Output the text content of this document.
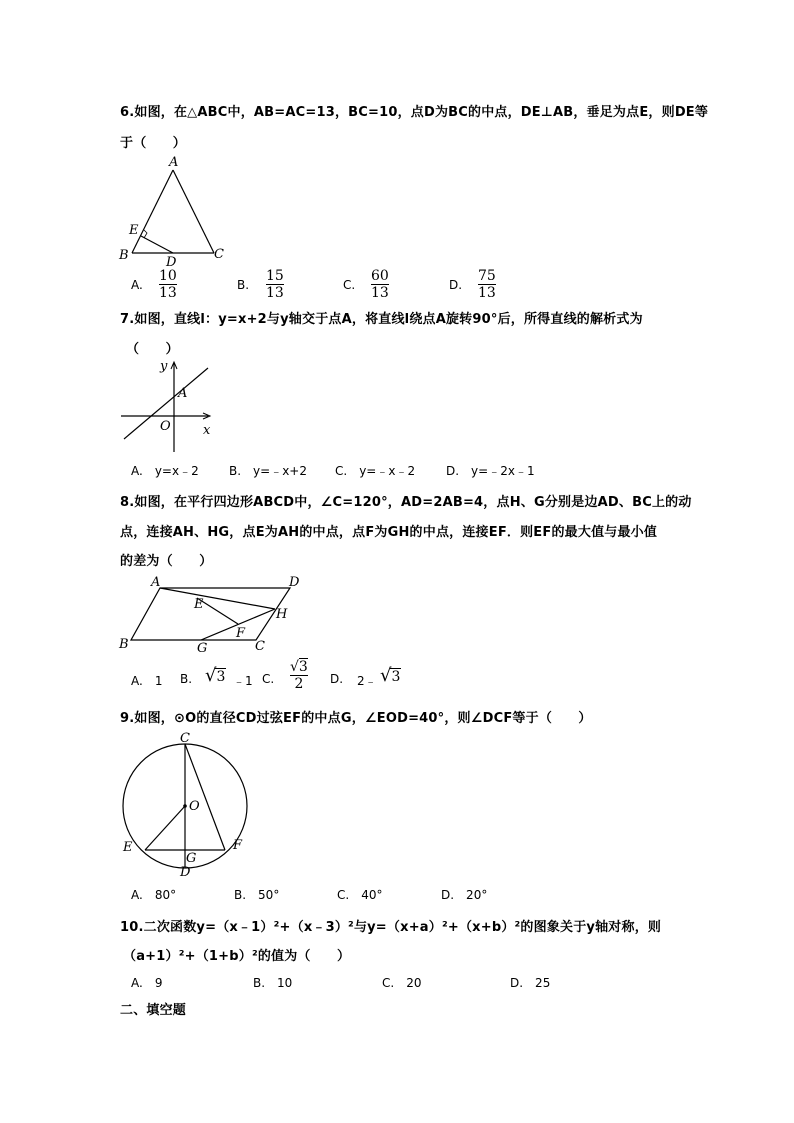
6.如图，在△ABC中，AB=AC=13，BC=10，点D为BC的中点，DE⊥AB，垂足为点E，则DE等
于（　　）
A
B	C
D
E
A.
10
13	B.
15
13	C.
60
13	D.
75
13
7.如图，直线l：y=x+2与y轴交于点A，将直线l绕点A旋转90°后，所得直线的解析式为
（　　）
y
x
A
O
A.　y=x﹣2	B.　y=﹣x+2 C.　y=﹣x﹣2	D.　y=﹣2x﹣1
8.如图，在平行四边形ABCD中，∠C=120°，AD=2AB=4，点H、G分别是边AD、BC上的动
点，连接AH、HG，点E为AH的中点，点F为GH的中点，连接EF．则EF的最大值与最小值
的差为（　　）
A	D
B	C
E
F
G
H
A.　1 B. √3 ﹣1 C.
√3
2 D. 2﹣ √3
9.如图，⊙O的直径CD过弦EF的中点G，∠EOD=40°，则∠DCF等于（　　）
C
O
E	F
G
D
A.　80°	B.　50°	C.　40°	D.　20°
10.二次函数y=（x﹣1）²+（x﹣3）²与y=（x+a）²+（x+b）²的图象关于y轴对称，则
（a+1）²+（1+b）²的值为（　　）
A.　9	B.　10	C.　20	D.　25
二、填空题
